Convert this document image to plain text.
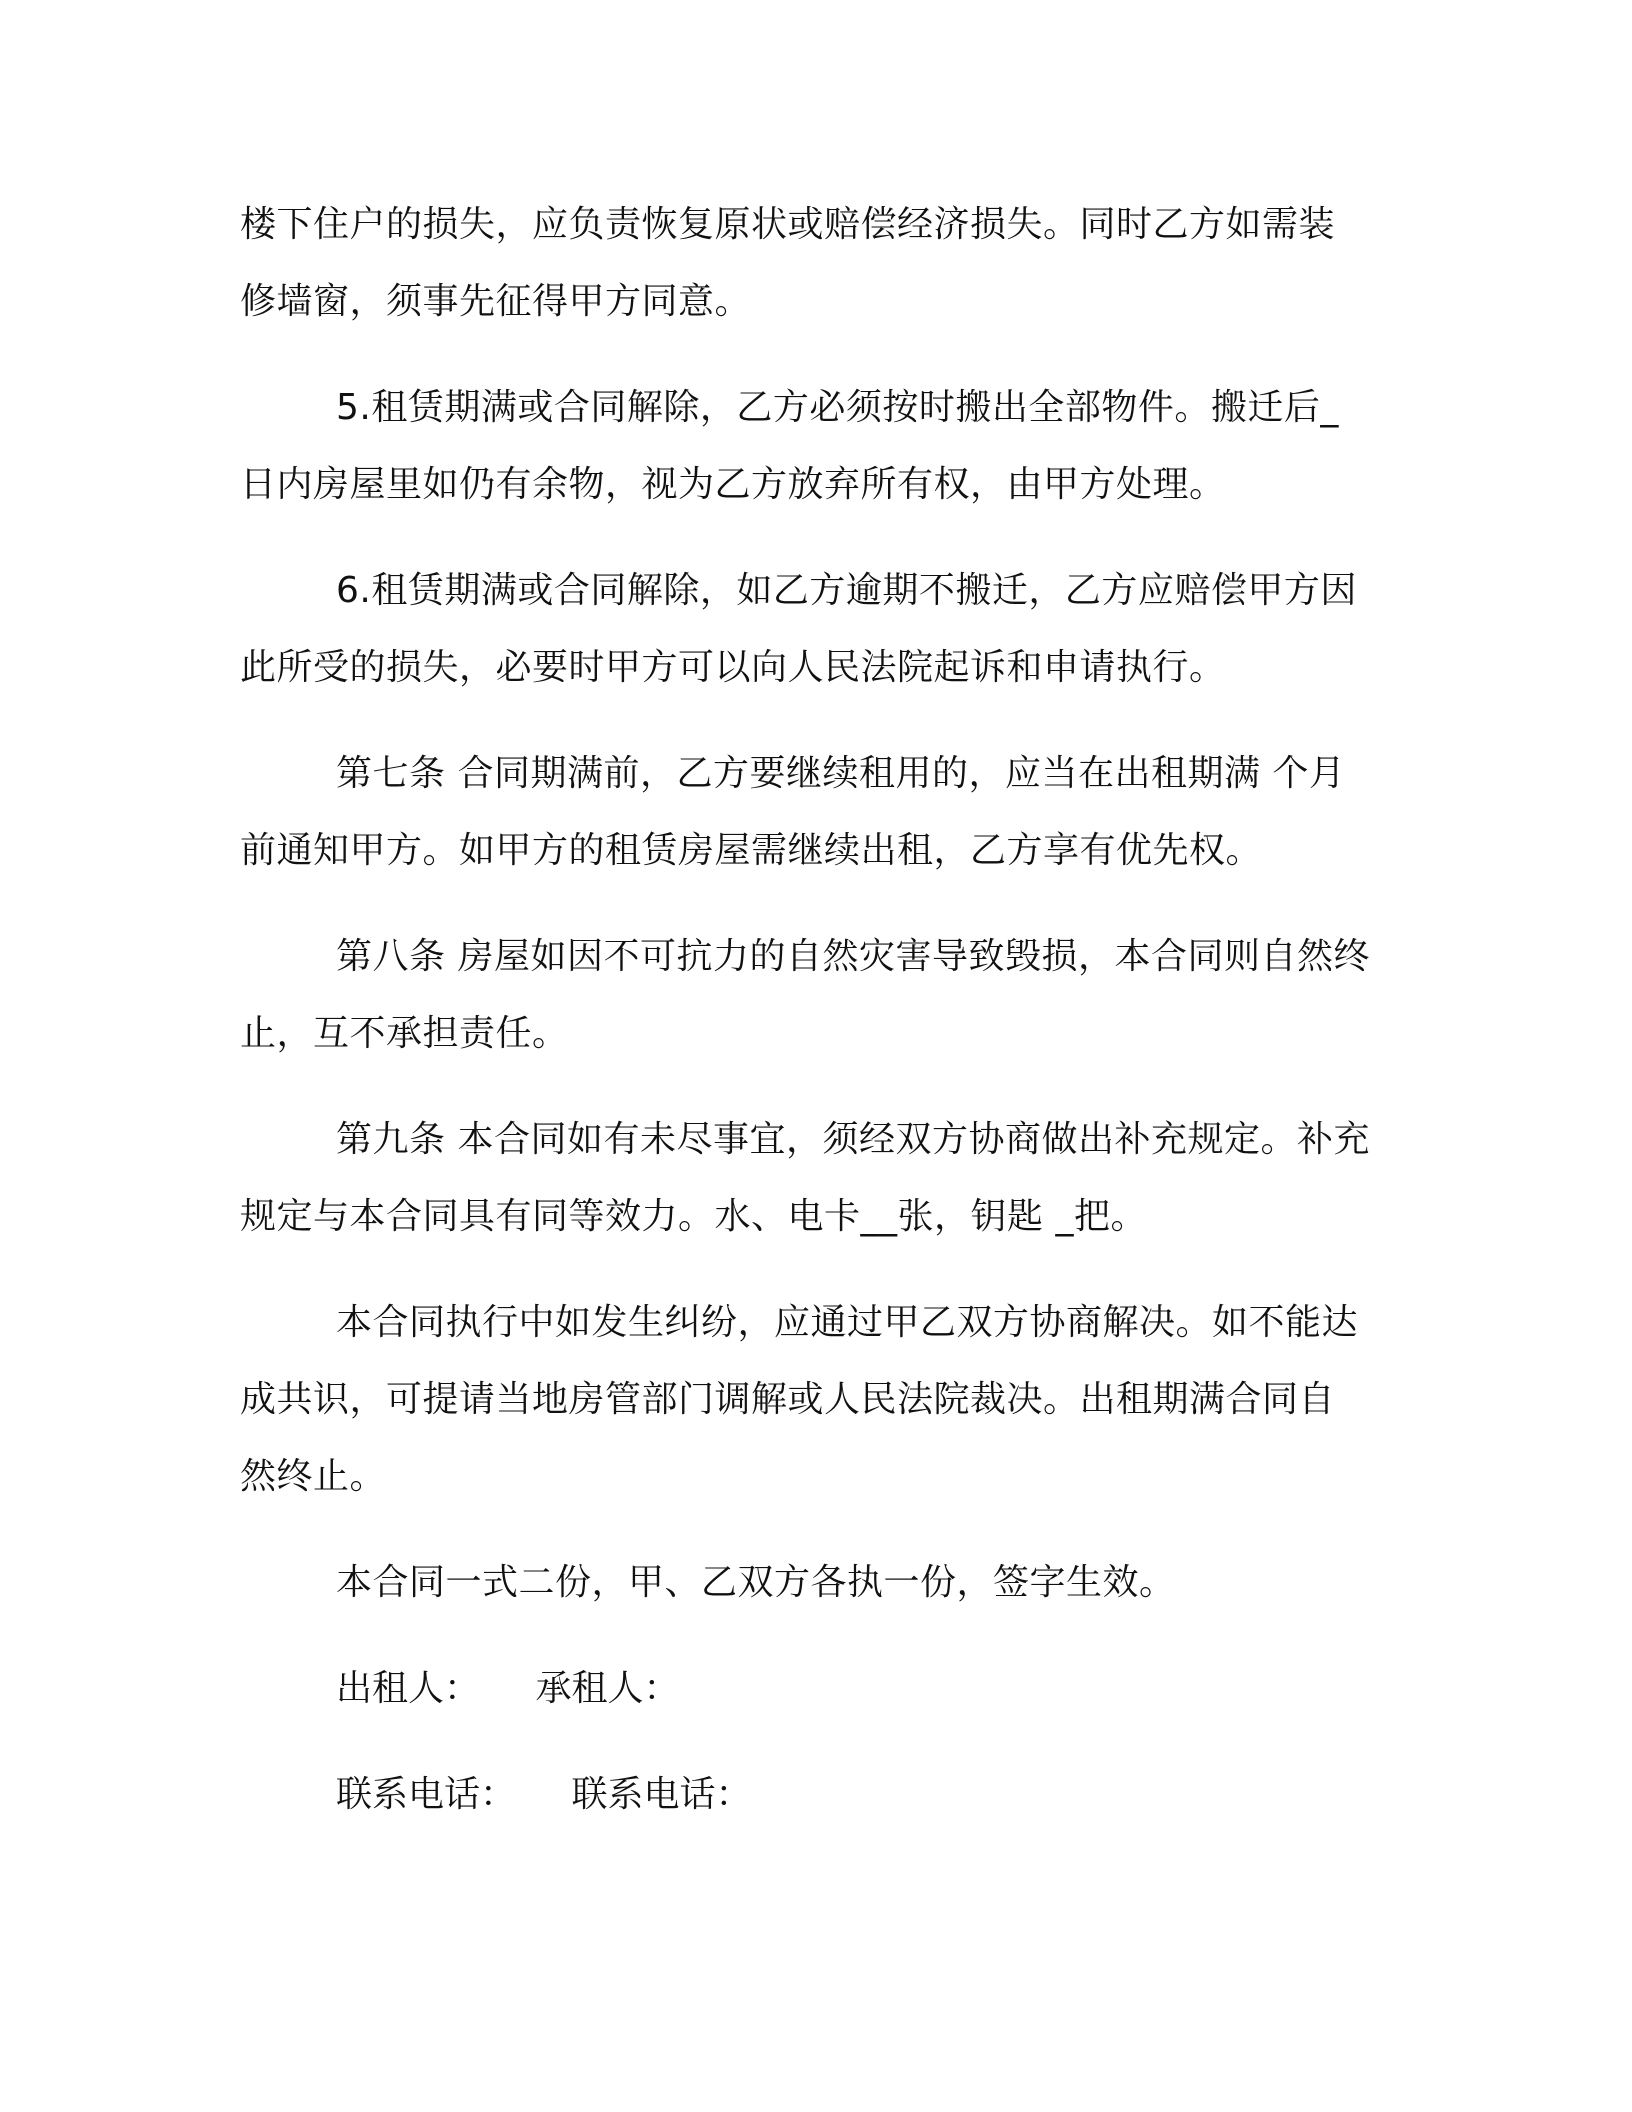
楼下住户的损失，应负责恢复原状或赔偿经济损失。同时乙方如需装
修墙窗，须事先征得甲方同意。

5.租赁期满或合同解除，乙方必须按时搬出全部物件。搬迁后_
日内房屋里如仍有余物，视为乙方放弃所有权，由甲方处理。

6.租赁期满或合同解除，如乙方逾期不搬迁，乙方应赔偿甲方因
此所受的损失，必要时甲方可以向人民法院起诉和申请执行。

第七条 合同期满前，乙方要继续租用的，应当在出租期满 个月
前通知甲方。如甲方的租赁房屋需继续出租，乙方享有优先权。

第八条 房屋如因不可抗力的自然灾害导致毁损，本合同则自然终
止，互不承担责任。

第九条 本合同如有未尽事宜，须经双方协商做出补充规定。补充
规定与本合同具有同等效力。水、电卡__张，钥匙 _把。

本合同执行中如发生纠纷，应通过甲乙双方协商解决。如不能达
成共识，可提请当地房管部门调解或人民法院裁决。出租期满合同自
然终止。

本合同一式二份，甲、乙双方各执一份，签字生效。

出租人： 承租人：

联系电话： 联系电话：
